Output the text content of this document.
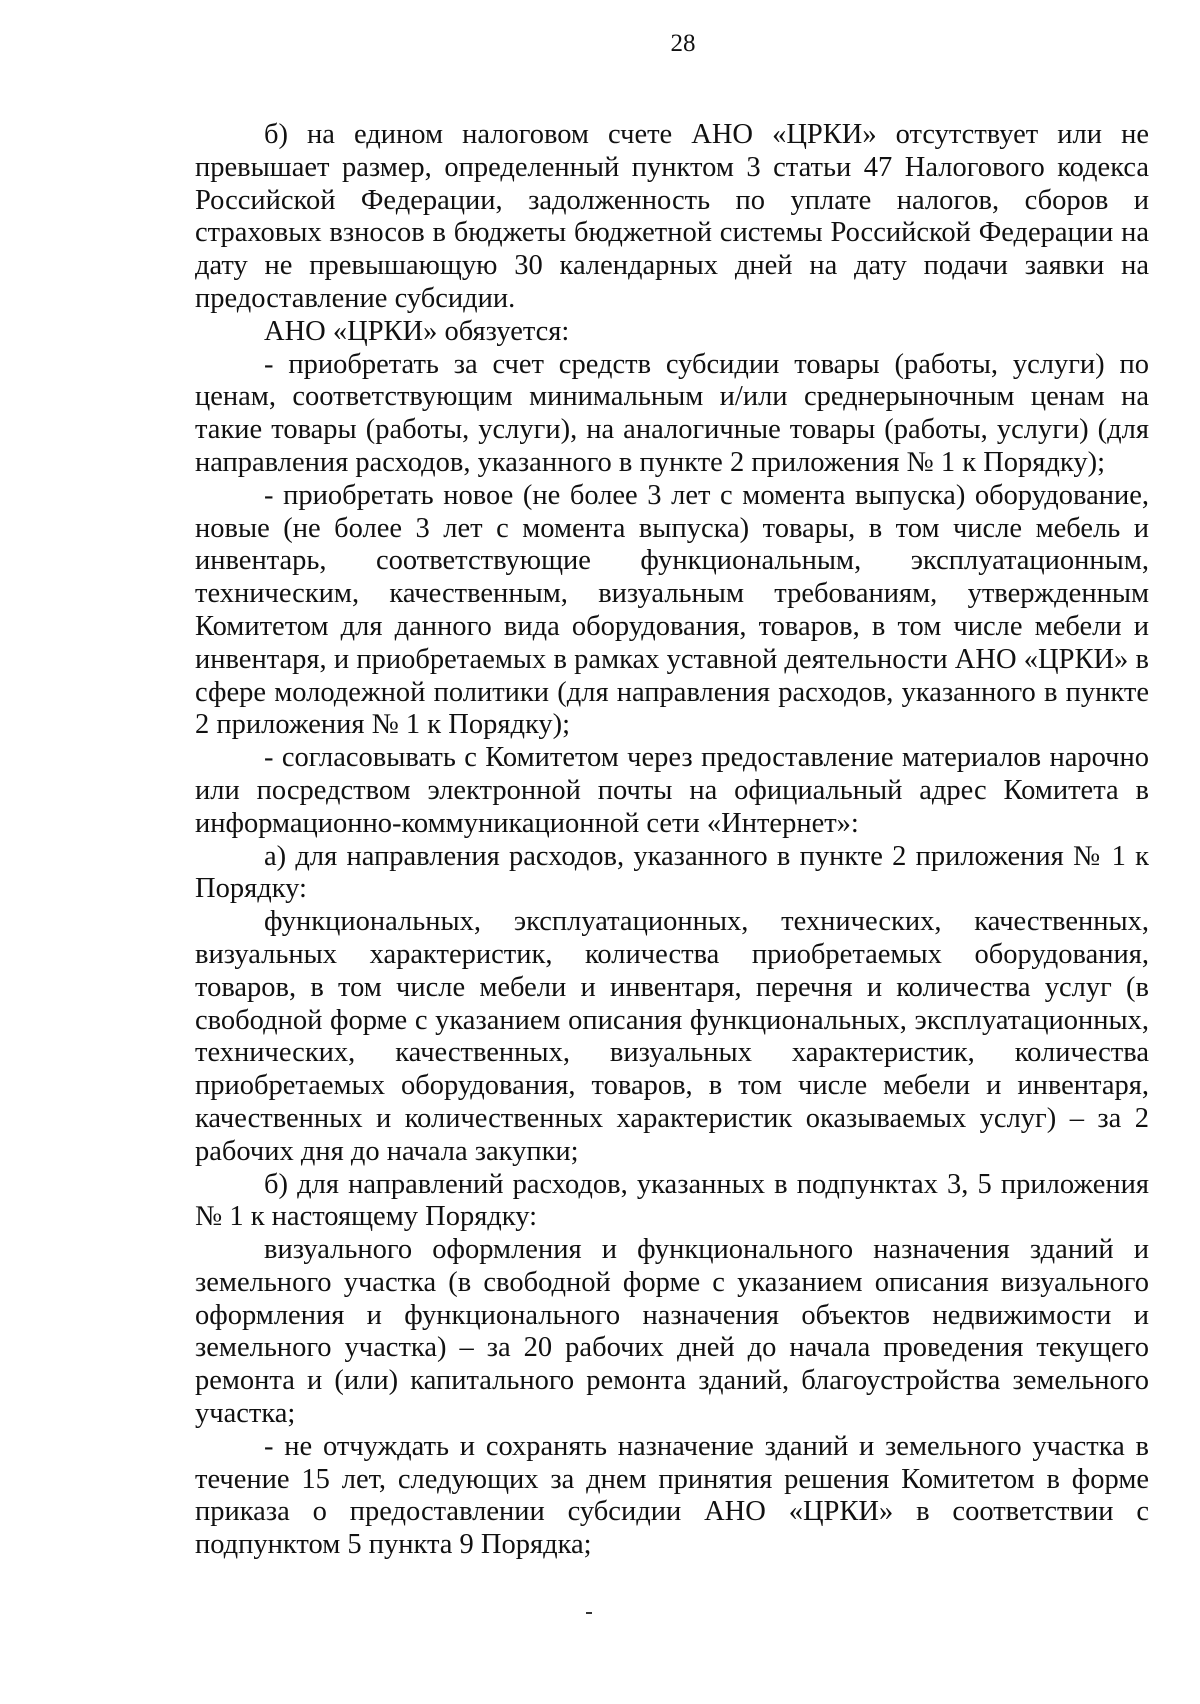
28

б) на едином налоговом счете АНО «ЦРКИ» отсутствует или не превышает размер, определенный пунктом 3 статьи 47 Налогового кодекса Российской Федерации, задолженность по уплате налогов, сборов и страховых взносов в бюджеты бюджетной системы Российской Федерации на дату не превышающую 30 календарных дней на дату подачи заявки на предоставление субсидии.

АНО «ЦРКИ» обязуется:

- приобретать за счет средств субсидии товары (работы, услуги) по ценам, соответствующим минимальным и/или среднерыночным ценам на такие товары (работы, услуги), на аналогичные товары (работы, услуги) (для направления расходов, указанного в пункте 2 приложения № 1 к Порядку);

- приобретать новое (не более 3 лет с момента выпуска) оборудование, новые (не более 3 лет с момента выпуска) товары, в том числе мебель и инвентарь, соответствующие функциональным, эксплуатационным, техническим, качественным, визуальным требованиям, утвержденным Комитетом для данного вида оборудования, товаров, в том числе мебели и инвентаря, и приобретаемых в рамках уставной деятельности АНО «ЦРКИ» в сфере молодежной политики (для направления расходов, указанного в пункте 2 приложения № 1 к Порядку);

- согласовывать с Комитетом через предоставление материалов нарочно или посредством электронной почты на официальный адрес Комитета в информационно-коммуникационной сети «Интернет»:

а) для направления расходов, указанного в пункте 2 приложения № 1 к Порядку:

функциональных, эксплуатационных, технических, качественных, визуальных характеристик, количества приобретаемых оборудования, товаров, в том числе мебели и инвентаря, перечня и количества услуг (в свободной форме с указанием описания функциональных, эксплуатационных, технических, качественных, визуальных характеристик, количества приобретаемых оборудования, товаров, в том числе мебели и инвентаря, качественных и количественных характеристик оказываемых услуг) – за 2 рабочих дня до начала закупки;

б) для направлений расходов, указанных в подпунктах 3, 5 приложения № 1 к настоящему Порядку:

визуального оформления и функционального назначения зданий и земельного участка (в свободной форме с указанием описания визуального оформления и функционального назначения объектов недвижимости и земельного участка) – за 20 рабочих дней до начала проведения текущего ремонта и (или) капитального ремонта зданий, благоустройства земельного участка;

- не отчуждать и сохранять назначение зданий и земельного участка в течение 15 лет, следующих за днем принятия решения Комитетом в форме приказа о предоставлении субсидии АНО «ЦРКИ» в соответствии с подпунктом 5 пункта 9 Порядка;
